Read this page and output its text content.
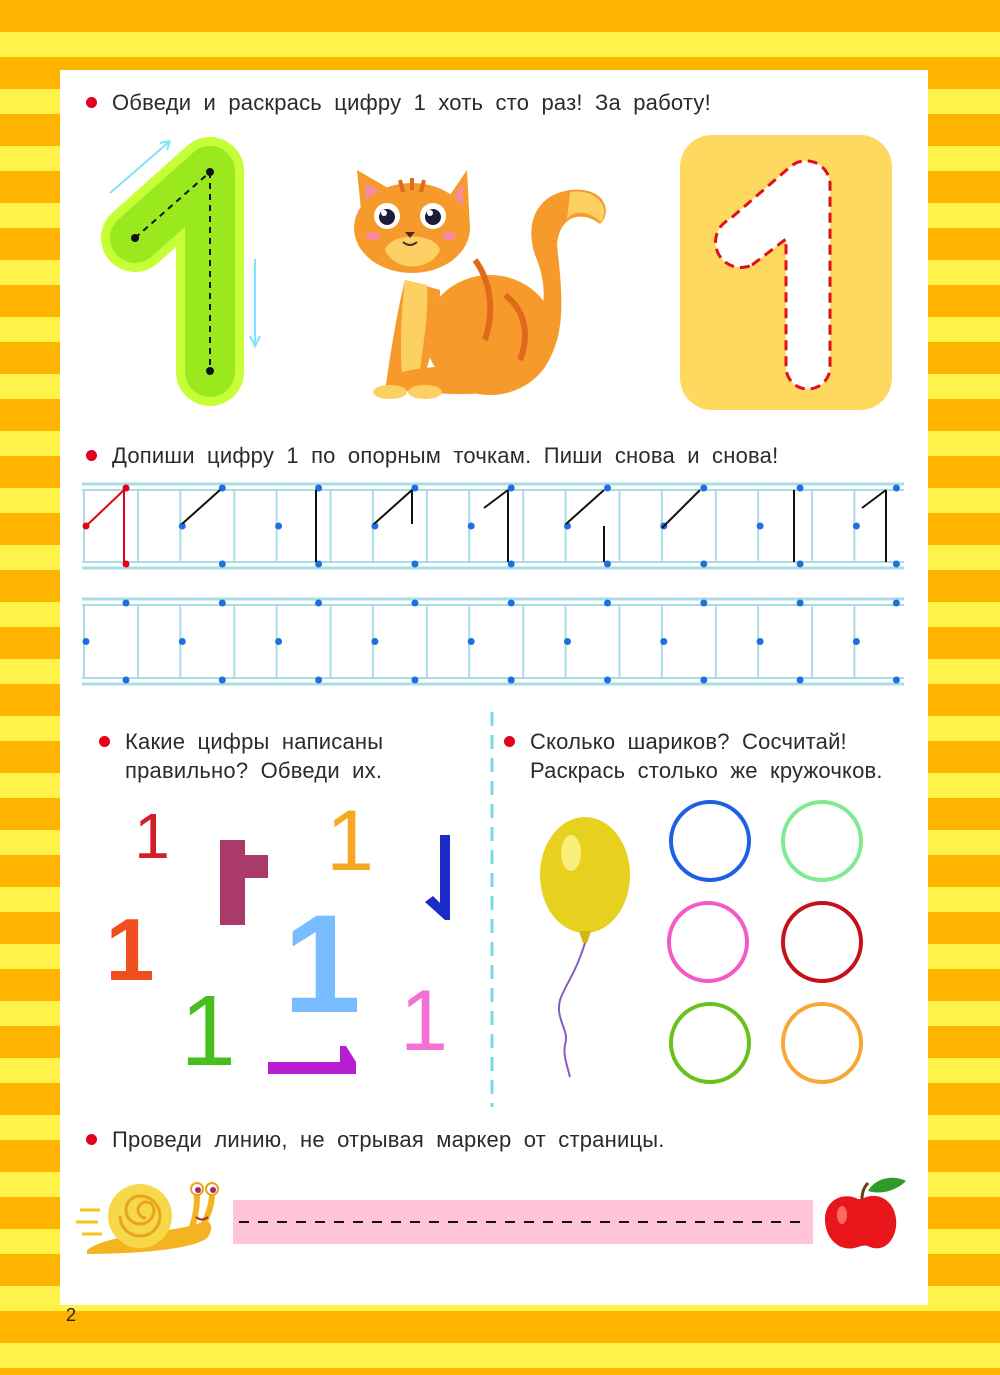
Обведи и раскрась цифру 1 хоть сто раз! За работу!
Допиши цифру 1 по опорным точкам. Пиши снова и снова!
Какие цифры написаны
правильно? Обведи их.
Сколько шариков? Сосчитай!
Раскрась столько же кружочков.
1 1
1 1
1 1
Проведи линию, не отрывая маркер от страницы.
2
